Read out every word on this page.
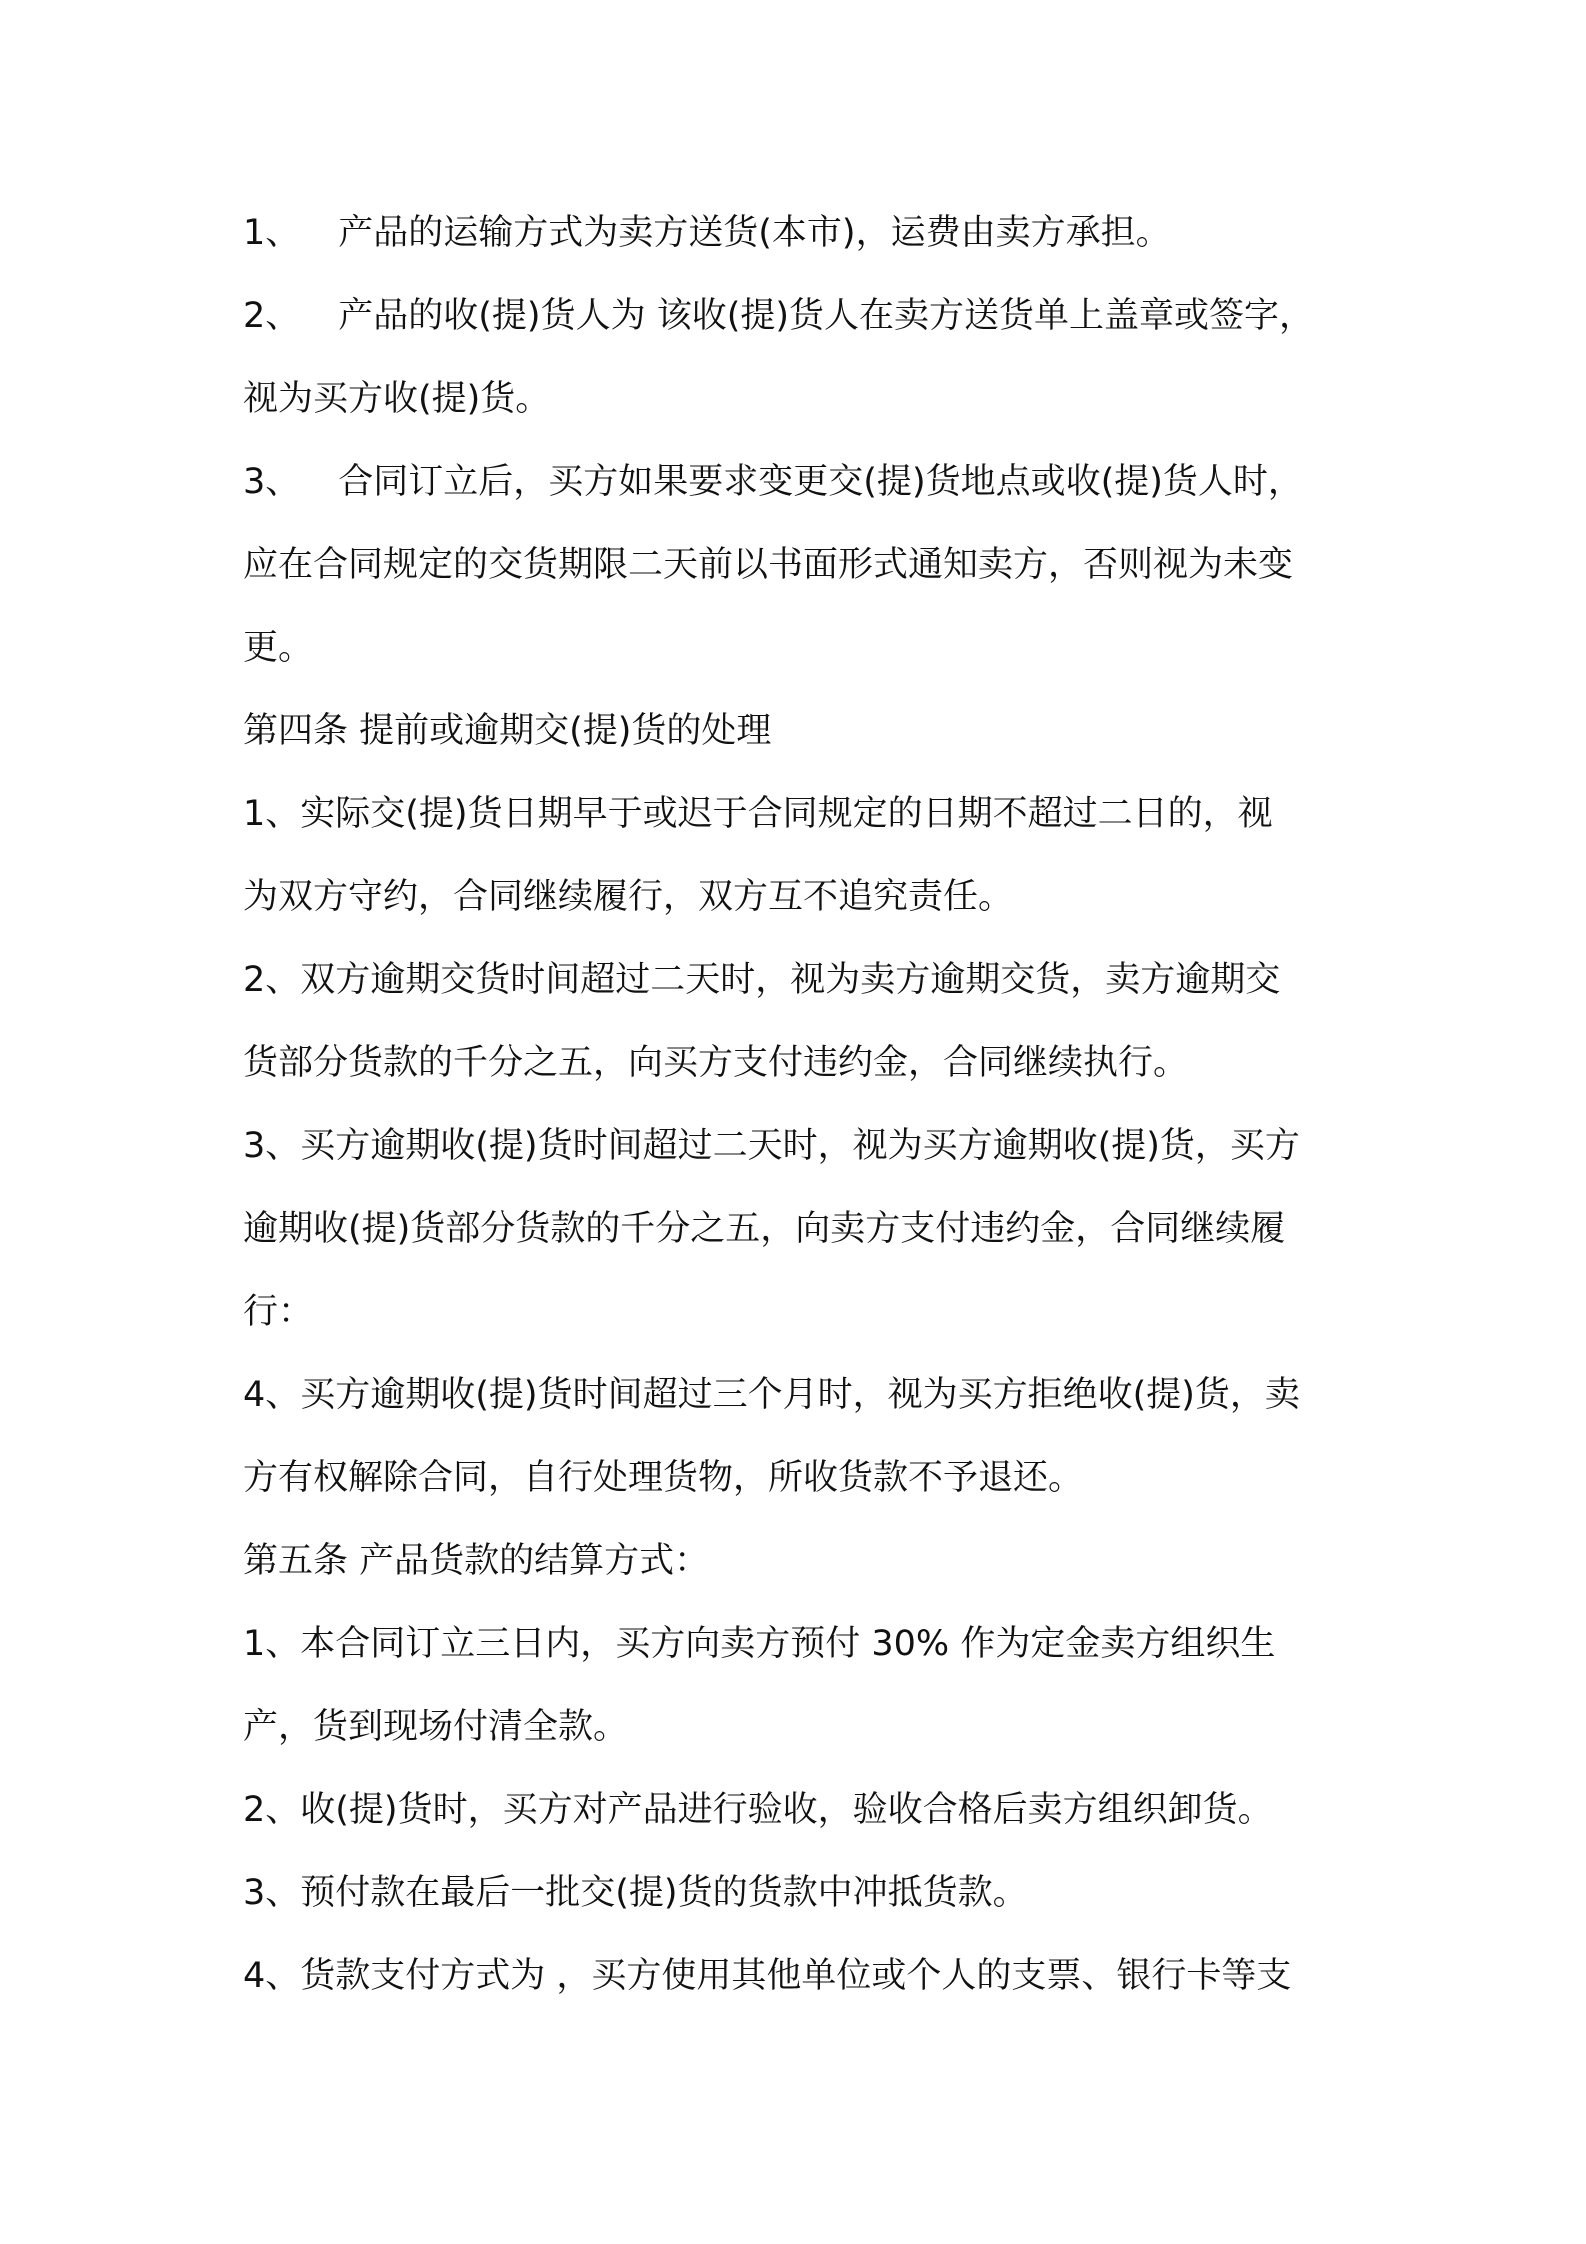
1、 产品的运输方式为卖方送货(本市)，运费由卖方承担。

2、 产品的收(提)货人为 该收(提)货人在卖方送货单上盖章或签字，

视为买方收(提)货。

3、 合同订立后，买方如果要求变更交(提)货地点或收(提)货人时，

应在合同规定的交货期限二天前以书面形式通知卖方，否则视为未变

更。

第四条 提前或逾期交(提)货的处理

1、实际交(提)货日期早于或迟于合同规定的日期不超过二日的，视

为双方守约，合同继续履行，双方互不追究责任。

2、双方逾期交货时间超过二天时，视为卖方逾期交货，卖方逾期交

货部分货款的千分之五，向买方支付违约金，合同继续执行。

3、买方逾期收(提)货时间超过二天时，视为买方逾期收(提)货，买方

逾期收(提)货部分货款的千分之五，向卖方支付违约金，合同继续履

行：

4、买方逾期收(提)货时间超过三个月时，视为买方拒绝收(提)货，卖

方有权解除合同，自行处理货物，所收货款不予退还。

第五条 产品货款的结算方式：

1、本合同订立三日内，买方向卖方预付 30% 作为定金卖方组织生

产，货到现场付清全款。

2、收(提)货时，买方对产品进行验收，验收合格后卖方组织卸货。

3、预付款在最后一批交(提)货的货款中冲抵货款。

4、货款支付方式为 ，买方使用其他单位或个人的支票、银行卡等支
